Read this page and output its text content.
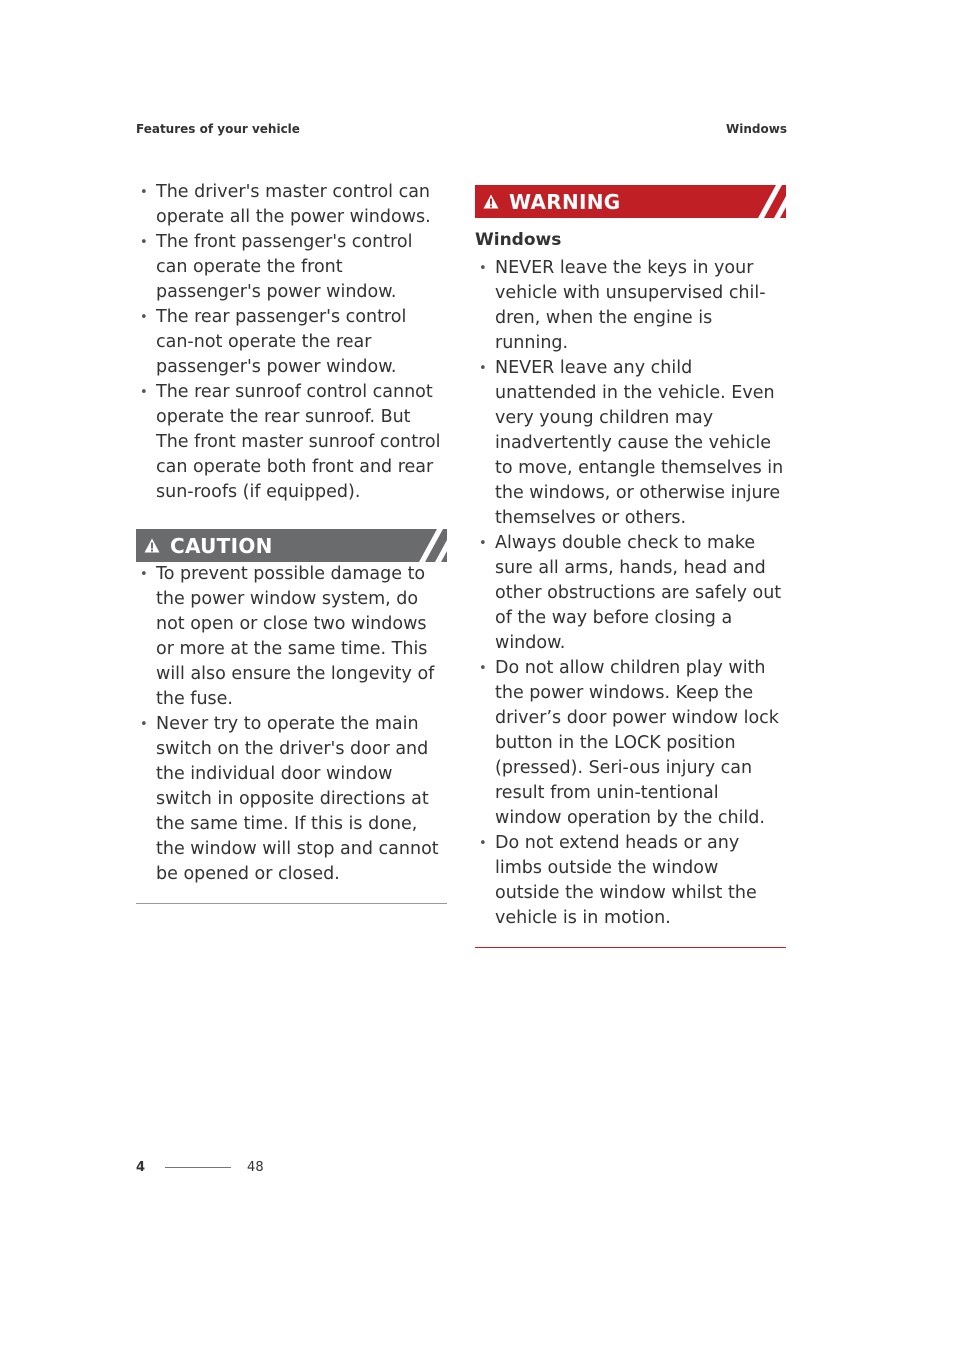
Features of your vehicle	Windows
• The driver's master control can operate all the power windows.
• The front passenger's control can operate the front passenger's power window.
• The rear passenger's control can-not operate the rear passenger's power window.
• The rear sunroof control cannot operate the rear sunroof. But The front master sunroof control can operate both front and rear sun-roofs (if equipped).
CAUTION
• To prevent possible damage to the power window system, do not open or close two windows or more at the same time. This will also ensure the longevity of the fuse.
• Never try to operate the main switch on the driver's door and the individual door window switch in opposite directions at the same time. If this is done, the window will stop and cannot be opened or closed.
WARNING
Windows
• NEVER leave the keys in your vehicle with unsupervised chil-dren, when the engine is running.
• NEVER leave any child unattended in the vehicle. Even very young children may inadvertently cause the vehicle to move, entangle themselves in the windows, or otherwise injure themselves or others.
• Always double check to make sure all arms, hands, head and other obstructions are safely out of the way before closing a window.
• Do not allow children play with the power windows. Keep the driver’s door power window lock button in the LOCK position (pressed). Seri-ous injury can result from unin-tentional window operation by the child.
• Do not extend heads or any limbs outside the window outside the window whilst the vehicle is in motion.
4	48
